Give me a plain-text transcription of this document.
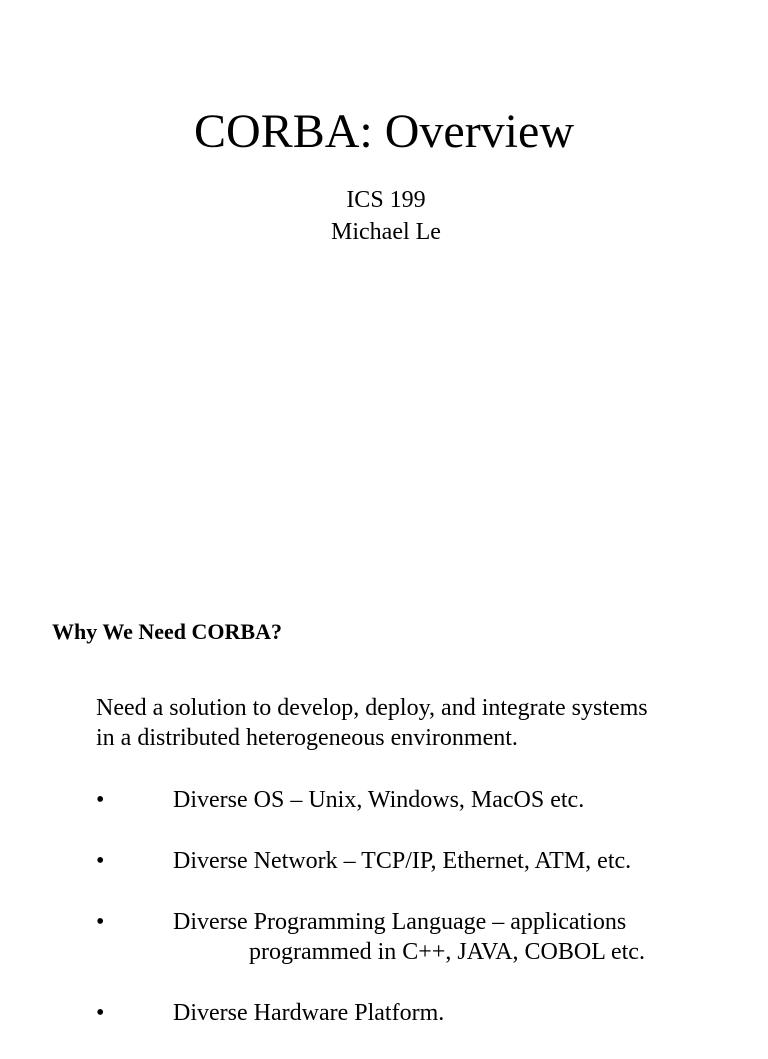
CORBA: Overview
ICS 199
Michael Le
Why We Need CORBA?
Need a solution to develop, deploy, and integrate systems
in a distributed heterogeneous environment.
•	Diverse OS – Unix, Windows, MacOS etc.
•	Diverse Network – TCP/IP, Ethernet, ATM, etc.
•	Diverse Programming Language – applications
programmed in C++, JAVA, COBOL etc.
•	Diverse Hardware Platform.
